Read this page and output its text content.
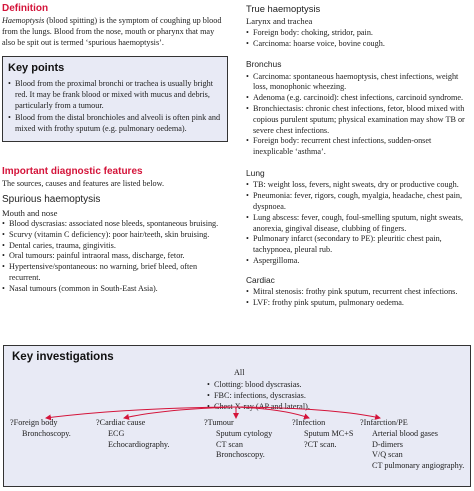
Definition

Haemoptysis (blood spitting) is the symptom of coughing up blood from the lungs. Blood from the nose, mouth or pharynx that may also be spit out is termed ‘spurious haemoptysis’.

Key points
• Blood from the proximal bronchi or trachea is usually bright red. It may be frank blood or mixed with mucus and debris, particularly from a tumour.
• Blood from the distal bronchioles and alveoli is often pink and mixed with frothy sputum (e.g. pulmonary oedema).
Important diagnostic features

The sources, causes and features are listed below.

Spurious haemoptysis
Mouth and nose
• Blood dyscrasias: associated nose bleeds, spontaneous bruising.
• Scurvy (vitamin C deficiency): poor hair/teeth, skin bruising.
• Dental caries, trauma, gingivitis.
• Oral tumours: painful intraoral mass, discharge, fetor.
• Hypertensive/spontaneous: no warning, brief bleed, often recurrent.
• Nasal tumours (common in South-East Asia).
True haemoptysis
Larynx and trachea
• Foreign body: choking, stridor, pain.
• Carcinoma: hoarse voice, bovine cough.
Bronchus
• Carcinoma: spontaneous haemoptysis, chest infections, weight loss, monophonic wheezing.
• Adenoma (e.g. carcinoid): chest infections, carcinoid syndrome.
• Bronchiectasis: chronic chest infections, fetor, blood mixed with copious purulent sputum; physical examination may show TB or severe chest infections.
• Foreign body: recurrent chest infections, sudden-onset inexplicable ‘asthma’.
Lung
• TB: weight loss, fevers, night sweats, dry or productive cough.
• Pneumonia: fever, rigors, cough, myalgia, headache, chest pain, dyspnoea.
• Lung abscess: fever, cough, foul-smelling sputum, night sweats, anorexia, gingival disease, clubbing of fingers.
• Pulmonary infarct (secondary to PE): pleuritic chest pain, tachypnoea, pleural rub.
• Aspergilloma.
Cardiac
• Mitral stenosis: frothy pink sputum, recurrent chest infections.
• LVF: frothy pink sputum, pulmonary oedema.
Key investigations
All
• Clotting: blood dyscrasias.
• FBC: infections, dyscrasias.
• Chest X-ray (AP and lateral).
?Foreign body
Bronchoscopy.
?Cardiac cause
ECG
Echocardiography.
?Tumour
Sputum cytology
CT scan
Bronchoscopy.
?Infection
Sputum MC+S
?CT scan.
?Infarction/PE
Arterial blood gases
D-dimers
V/Q scan
CT pulmonary angiography.
